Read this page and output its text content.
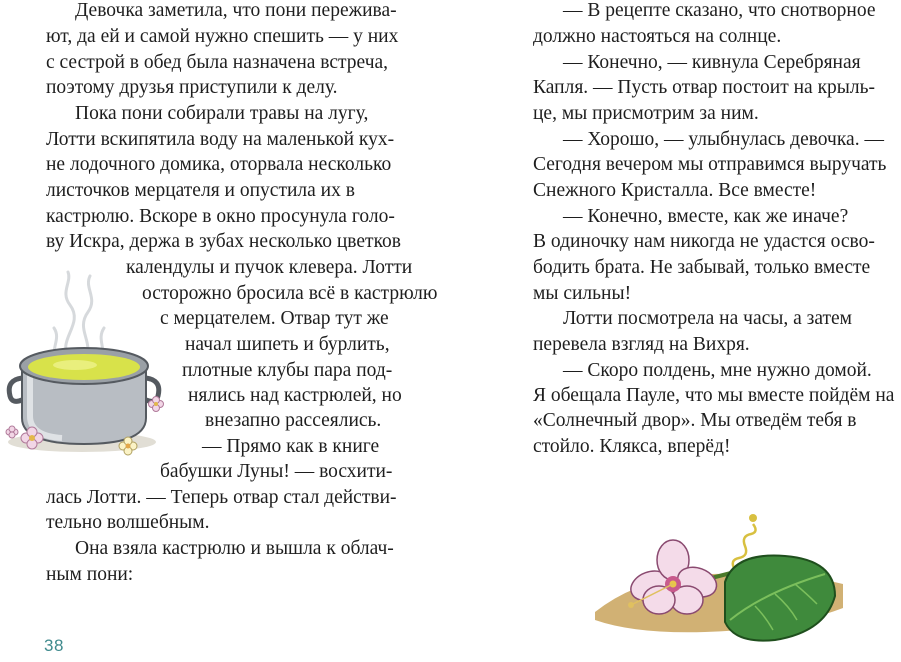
Девочка заметила, что пони пережива-
ют, да ей и самой нужно спешить — у них
с сестрой в обед была назначена встреча,
поэтому друзья приступили к делу.
Пока пони собирали травы на лугу,
Лотти вскипятила воду на маленькой кух-
не лодочного домика, оторвала несколько
листочков мерцателя и опустила их в
кастрюлю. Вскоре в окно просунула голо-
ву Искра, держа в зубах несколько цветков
календулы и пучок клевера. Лотти
осторожно бросила всё в кастрюлю
с мерцателем. Отвар тут же
начал шипеть и бурлить,
плотные клубы пара под-
нялись над кастрюлей, но
внезапно рассеялись.
— Прямо как в книге
бабушки Луны! — восхити-
лась Лотти. — Теперь отвар стал действи-
тельно волшебным.
Она взяла кастрюлю и вышла к облач-
ным пони:
— В рецепте сказано, что снотворное
должно настояться на солнце.
— Конечно, — кивнула Серебряная
Капля. — Пусть отвар постоит на крыль-
це, мы присмотрим за ним.
— Хорошо, — улыбнулась девочка. —
Сегодня вечером мы отправимся выручать
Снежного Кристалла. Все вместе!
— Конечно, вместе, как же иначе?
В одиночку нам никогда не удастся осво-
бодить брата. Не забывай, только вместе
мы сильны!
Лотти посмотрела на часы, а затем
перевела взгляд на Вихря.
— Скоро полдень, мне нужно домой.
Я обещала Пауле, что мы вместе пойдём на
«Солнечный двор». Мы отведём тебя в
стойло. Клякса, вперёд!
38
